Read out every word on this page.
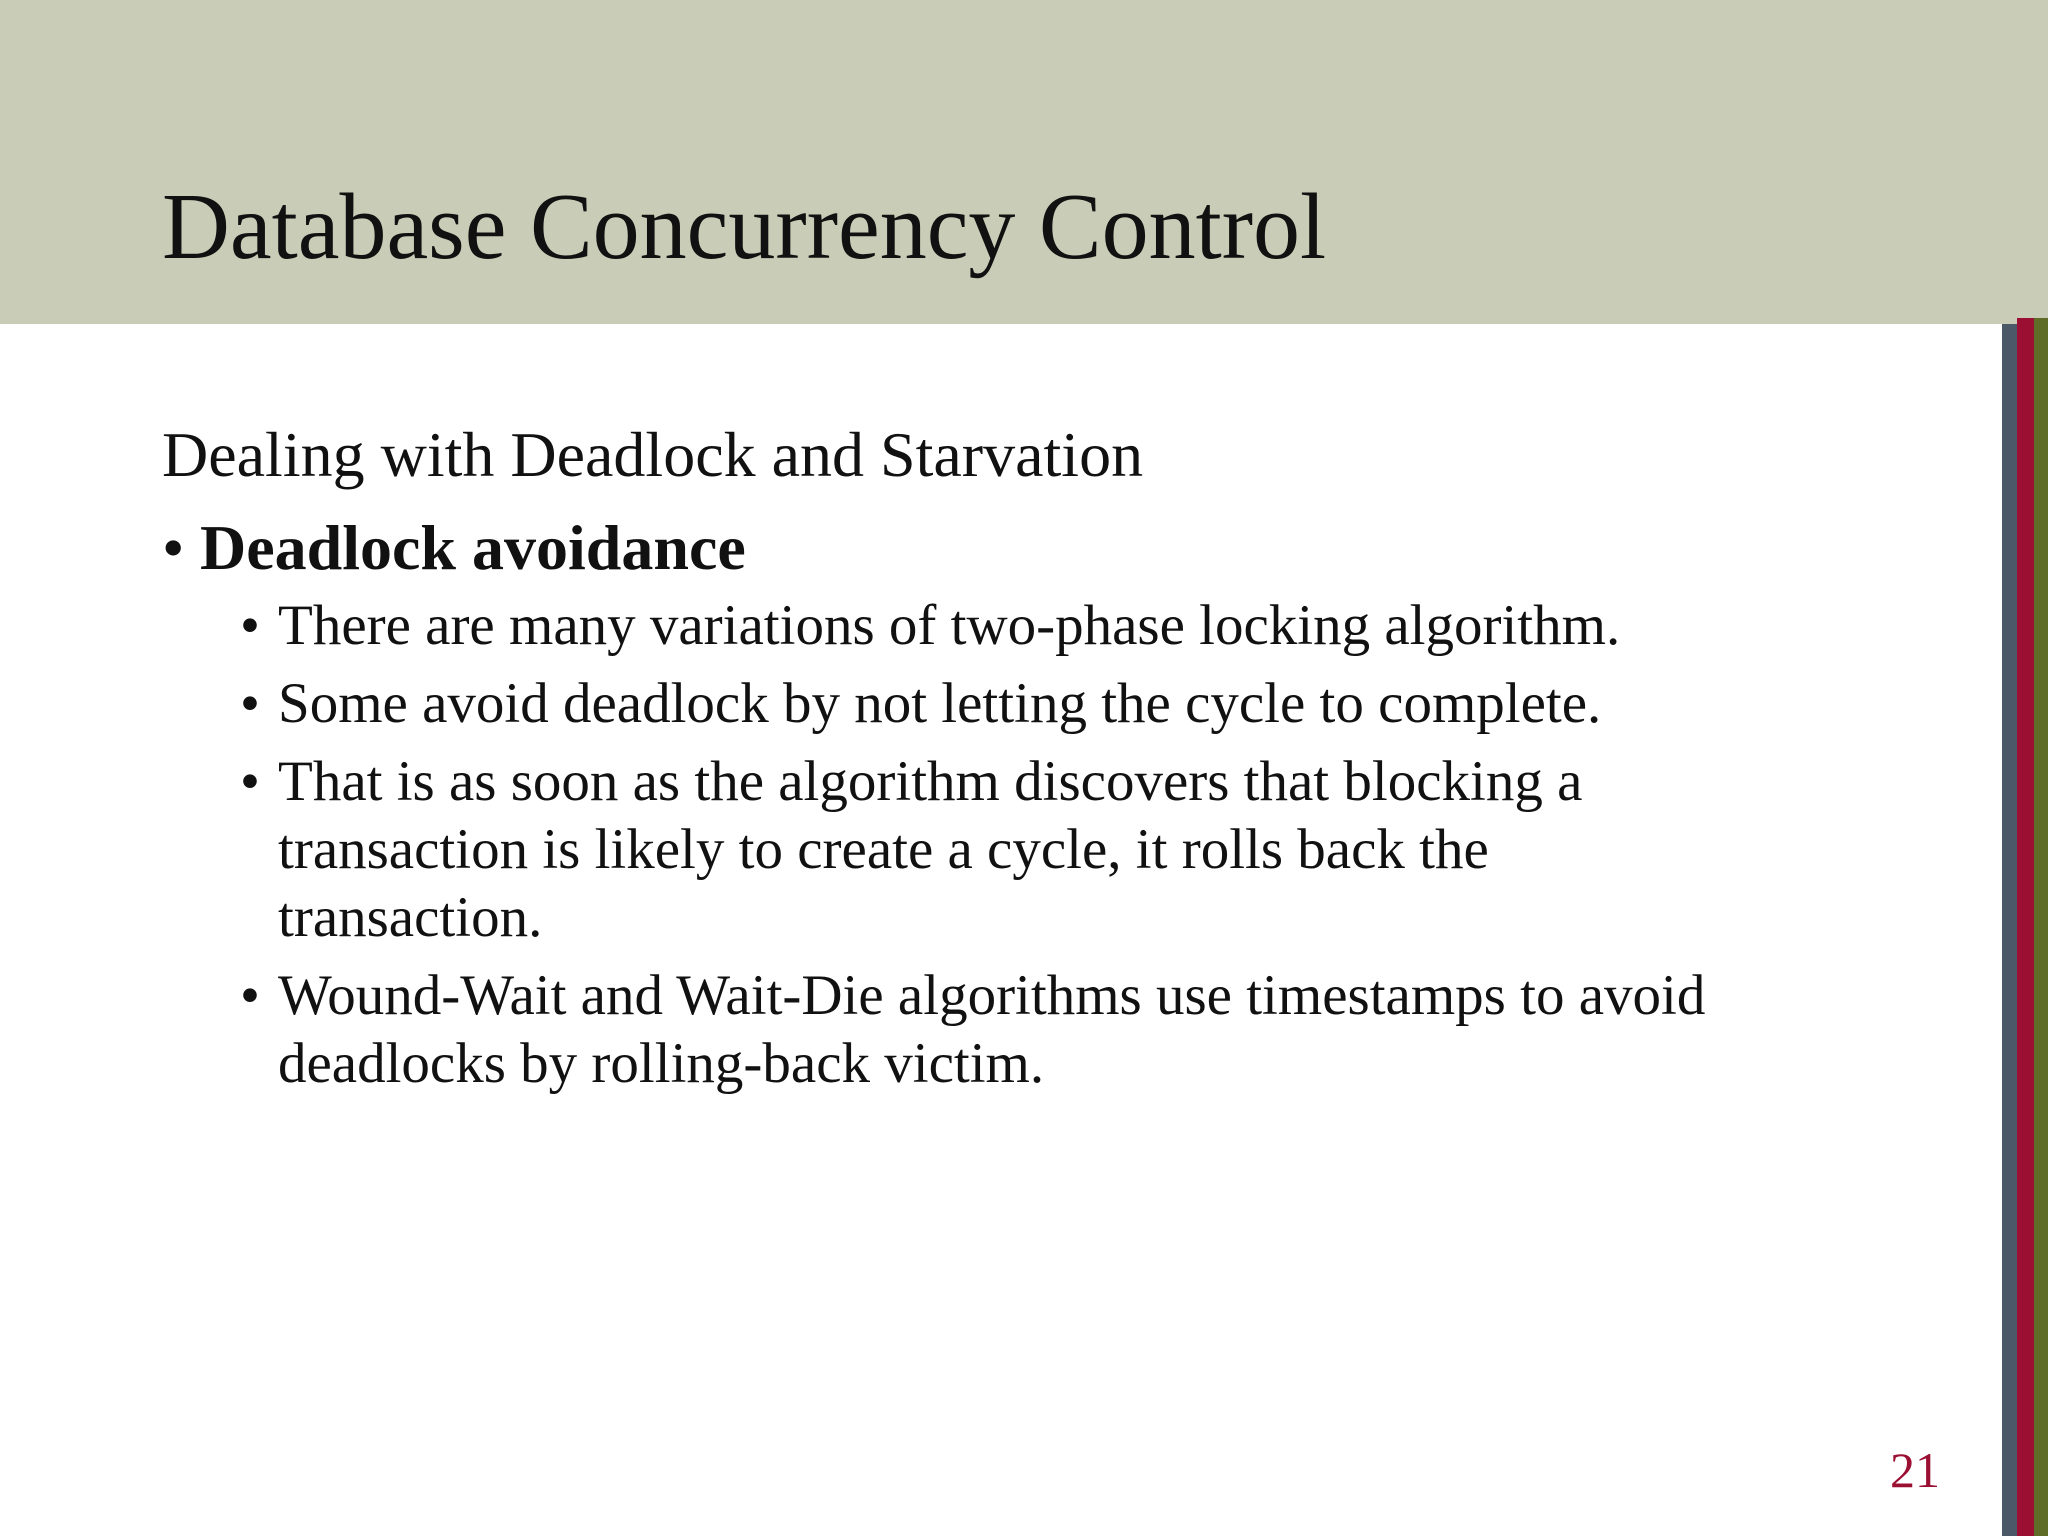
Database Concurrency Control

Dealing with Deadlock and Starvation

• Deadlock avoidance
• There are many variations of two-phase locking algorithm.
• Some avoid deadlock by not letting the cycle to complete.
• That is as soon as the algorithm discovers that blocking a
transaction is likely to create a cycle, it rolls back the
transaction.
• Wound-Wait and Wait-Die algorithms use timestamps to avoid
deadlocks by rolling-back victim.
21
